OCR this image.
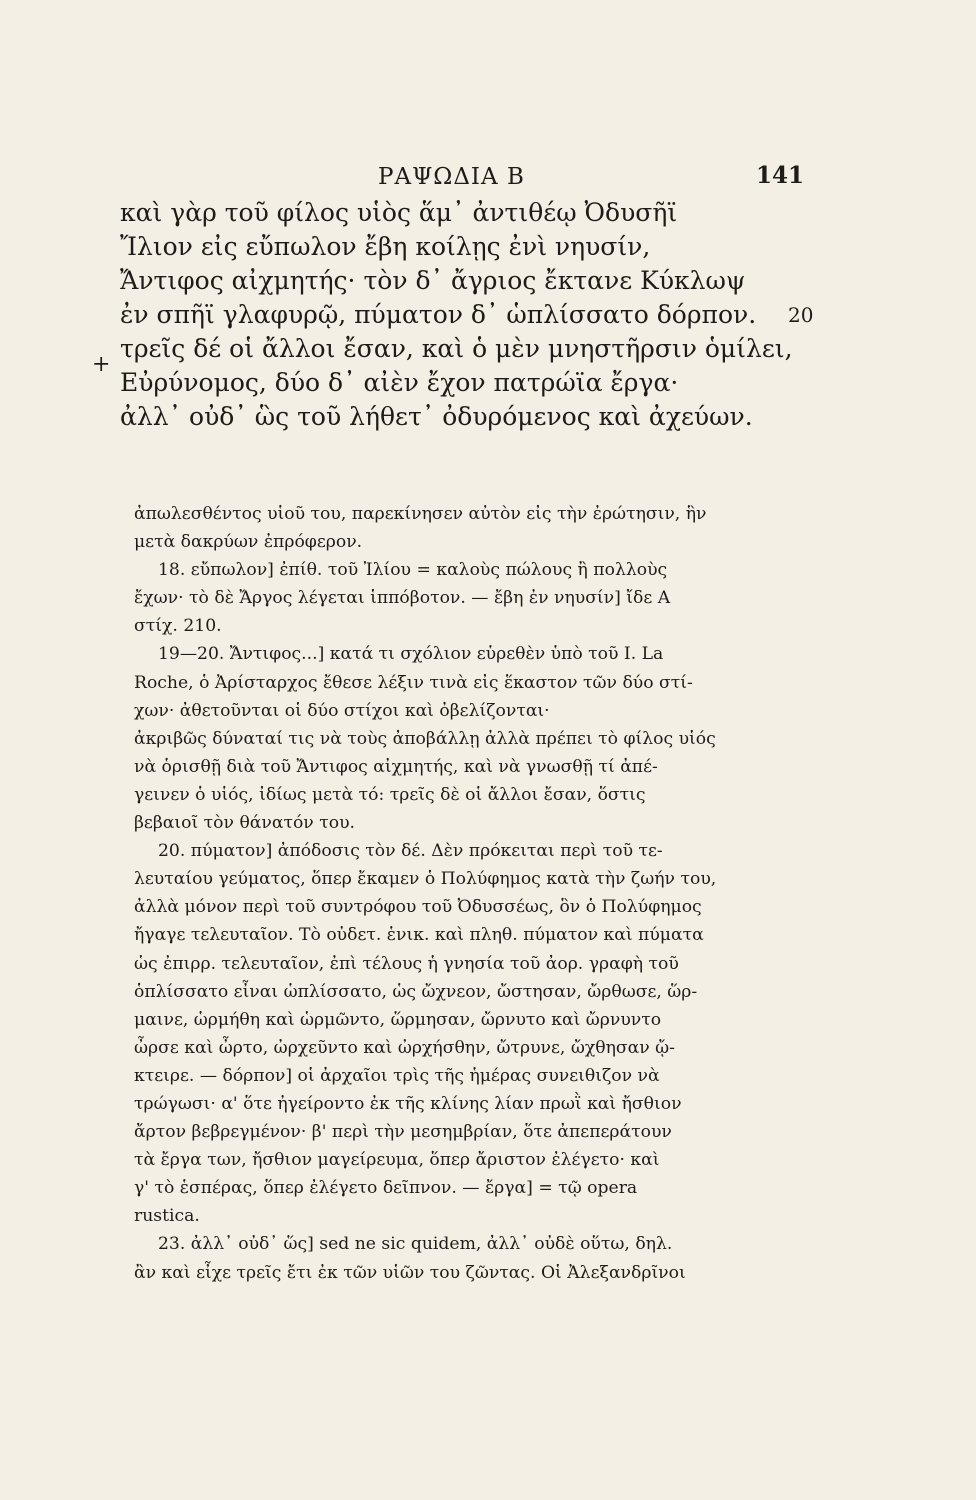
ΡΑΨΩΔΙΑ Β	141
+
καὶ γὰρ τοῦ φίλος υἱὸς ἅμ᾽ ἀντιθέῳ Ὀδυσῆϊ
Ἴλιον εἰς εὔπωλον ἔβη κοίλῃς ἐνὶ νηυσίν,
Ἄντιφος αἰχμητής· τὸν δ᾽ ἄγριος ἔκτανε Κύκλωψ
ἐν σπῆϊ γλαφυρῷ, πύματον δ᾽ ὡπλίσσατο δόρπον. 20
τρεῖς δέ οἱ ἄλλοι ἔσαν, καὶ ὁ μὲν μνηστῆρσιν ὁμίλει,
Εὐρύνομος, δύο δ᾽ αἰὲν ἔχον πατρώϊα ἔργα·
ἀλλ᾽ οὐδ᾽ ὣς τοῦ λήθετ᾽ ὀδυρόμενος καὶ ἀχεύων.
ἀπωλεσθέντος υἱοῦ του, παρεκίνησεν αὐτὸν εἰς τὴν ἐρώτησιν, ἣν
μετὰ δακρύων ἐπρόφερον.
18. εὔπωλον] ἐπίθ. τοῦ Ἰλίου = καλοὺς πώλους ἢ πολλοὺς
ἔχων· τὸ δὲ Ἄργος λέγεται ἱππόβοτον. — ἔβη ἐν νηυσίν] ἴδε Α
στίχ. 210.
19—20. Ἄντιφος...] κατά τι σχόλιον εὑρεθὲν ὑπὸ τοῦ I. La
Roche, ὁ Ἀρίσταρχος ἔθεσε λέξιν τινὰ εἰς ἕκαστον τῶν δύο στί-
χων· ἀθετοῦνται οἱ δύο στίχοι καὶ ὀβελίζονται·
ἀκριβῶς δύναταί τις νὰ τοὺς ἀποβάλλῃ ἀλλὰ πρέπει τὸ φίλος υἱός
νὰ ὁρισθῇ διὰ τοῦ Ἄντιφος αἰχμητής, καὶ νὰ γνωσθῇ τί ἀπέ-
γεινεν ὁ υἱός, ἰδίως μετὰ τό: τρεῖς δὲ οἱ ἄλλοι ἔσαν, ὅστις
βεβαιοῖ τὸν θάνατόν του.
20. πύματον] ἀπόδοσις τὸν δέ. Δὲν πρόκειται περὶ τοῦ τε-
λευταίου γεύματος, ὅπερ ἔκαμεν ὁ Πολύφημος κατὰ τὴν ζωήν του,
ἀλλὰ μόνον περὶ τοῦ συντρόφου τοῦ Ὀδυσσέως, ὃν ὁ Πολύφημος
ἤγαγε τελευταῖον. Τὸ οὐδετ. ἑνικ. καὶ πληθ. πύματον καὶ πύματα
ὡς ἐπιρρ. τελευταῖον, ἐπὶ τέλους ἡ γνησία τοῦ ἀορ. γραφὴ τοῦ
ὁπλίσσατο εἶναι ὡπλίσσατο, ὡς ὤχνεον, ὤστησαν, ὤρθωσε, ὥρ-
μαινε, ὡρμήθη καὶ ὡρμῶντο, ὥρμησαν, ὤρνυτο καὶ ὤρνυντο
ὦρσε καὶ ὦρτο, ὠρχεῦντο καὶ ὠρχήσθην, ὤτρυνε, ὤχθησαν ᾤ-
κτειρε. — δόρπον] οἱ ἀρχαῖοι τρὶς τῆς ἡμέρας συνειθιζον νὰ
τρώγωσι· α' ὅτε ἠγείροντο ἐκ τῆς κλίνης λίαν πρωῒ καὶ ἤσθιον
ἄρτον βεβρεγμένον· β' περὶ τὴν μεσημβρίαν, ὅτε ἀπεπεράτουν
τὰ ἔργα των, ἤσθιον μαγείρευμα, ὅπερ ἄριστον ἐλέγετο· καὶ
γ' τὸ ἑσπέρας, ὅπερ ἐλέγετο δεῖπνον. — ἔργα] = τῷ opera
rustica.
23. ἀλλ᾽ οὐδ᾽ ὥς] sed ne sic quidem, ἀλλ᾽ οὐδὲ οὕτω, δηλ.
ἂν καὶ εἶχε τρεῖς ἔτι ἐκ τῶν υἱῶν του ζῶντας. Οἱ Ἀλεξανδρῖνοι
